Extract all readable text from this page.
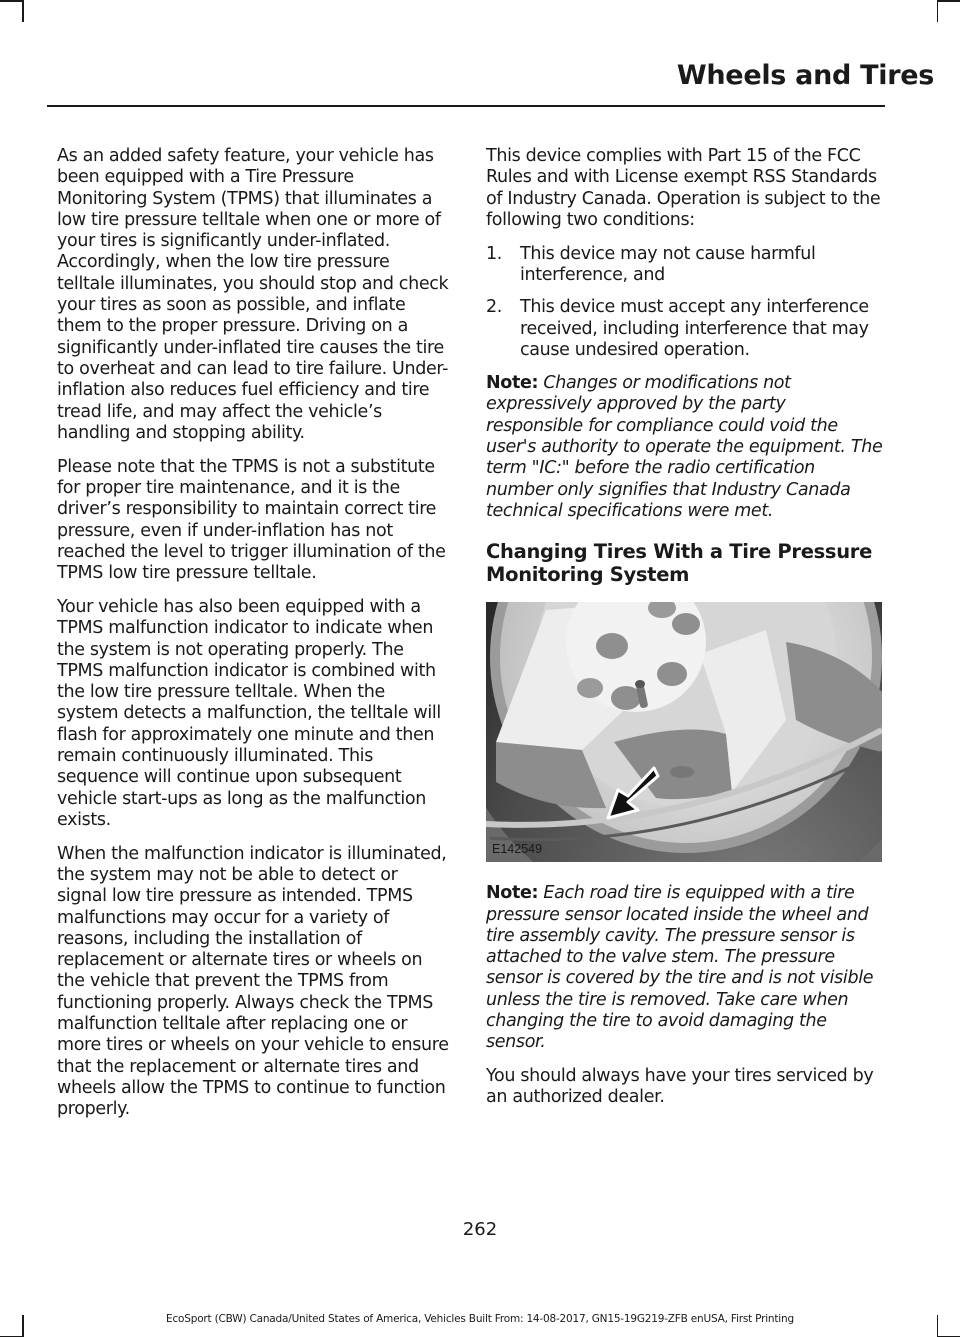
Wheels and Tires

As an added safety feature, your vehicle has been equipped with a Tire Pressure Monitoring System (TPMS) that illuminates a low tire pressure telltale when one or more of your tires is significantly under-inflated. Accordingly, when the low tire pressure telltale illuminates, you should stop and check your tires as soon as possible, and inflate them to the proper pressure. Driving on a significantly under-inflated tire causes the tire to overheat and can lead to tire failure. Under-inflation also reduces fuel efficiency and tire tread life, and may affect the vehicle’s handling and stopping ability.

Please note that the TPMS is not a substitute for proper tire maintenance, and it is the driver’s responsibility to maintain correct tire pressure, even if under-inflation has not reached the level to trigger illumination of the TPMS low tire pressure telltale.

Your vehicle has also been equipped with a TPMS malfunction indicator to indicate when the system is not operating properly. The TPMS malfunction indicator is combined with the low tire pressure telltale. When the system detects a malfunction, the telltale will flash for approximately one minute and then remain continuously illuminated. This sequence will continue upon subsequent vehicle start-ups as long as the malfunction exists.

When the malfunction indicator is illuminated, the system may not be able to detect or signal low tire pressure as intended. TPMS malfunctions may occur for a variety of reasons, including the installation of replacement or alternate tires or wheels on the vehicle that prevent the TPMS from functioning properly. Always check the TPMS malfunction telltale after replacing one or more tires or wheels on your vehicle to ensure that the replacement or alternate tires and wheels allow the TPMS to continue to function properly.

This device complies with Part 15 of the FCC Rules and with License exempt RSS Standards of Industry Canada. Operation is subject to the following two conditions:

1. This device may not cause harmful interference, and
2. This device must accept any interference received, including interference that may cause undesired operation.

Note: Changes or modifications not expressively approved by the party responsible for compliance could void the user's authority to operate the equipment. The term "IC:" before the radio certification number only signifies that Industry Canada technical specifications were met.

Changing Tires With a Tire Pressure Monitoring System
E142549

Note: Each road tire is equipped with a tire pressure sensor located inside the wheel and tire assembly cavity. The pressure sensor is attached to the valve stem. The pressure sensor is covered by the tire and is not visible unless the tire is removed. Take care when changing the tire to avoid damaging the sensor.

You should always have your tires serviced by an authorized dealer.

262
EcoSport (CBW) Canada/United States of America, Vehicles Built From: 14-08-2017, GN15-19G219-ZFB enUSA, First Printing
